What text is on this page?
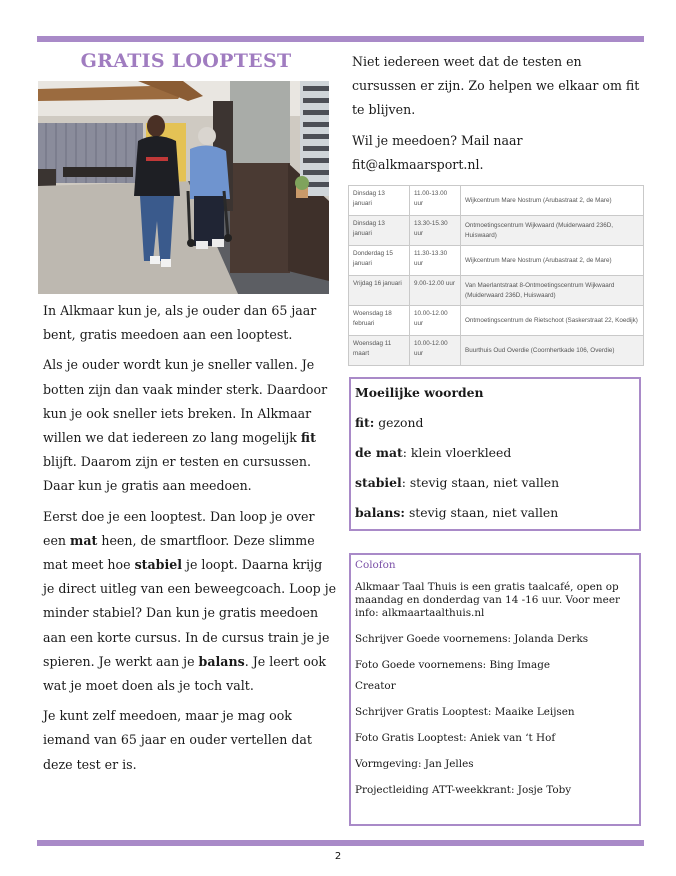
GRATIS LOOPTEST

In Alkmaar kun je, als je ouder dan 65 jaar bent, gratis meedoen aan een looptest.

Als je ouder wordt kun je sneller vallen. Je botten zijn dan vaak minder sterk. Daardoor kun je ook sneller iets breken. In Alkmaar willen we dat iedereen zo lang mogelijk fit blijft. Daarom zijn er testen en cursussen. Daar kun je gratis aan meedoen.

Eerst doe je een looptest. Dan loop je over een mat heen, de smartfloor. Deze slimme mat meet hoe stabiel je loopt. Daarna krijg je direct uitleg van een beweegcoach. Loop je minder stabiel? Dan kun je gratis meedoen aan een korte cursus. In de cursus train je je spieren. Je werkt aan je balans. Je leert ook wat je moet doen als je toch valt.

Je kunt zelf meedoen, maar je mag ook iemand van 65 jaar en ouder vertellen dat deze test er is.

Niet iedereen weet dat de testen en cursussen er zijn. Zo helpen we elkaar om fit te blijven.

Wil je meedoen? Mail naar fit@alkmaarsport.nl.

Dinsdag 13 januari	11.00-13.00 uur	Wijkcentrum Mare Nostrum (Arubastraat 2, de Mare)
Dinsdag 13 januari	13.30-15.30 uur	Ontmoetingscentrum Wijkwaard (Muiderwaard 236D, Huiswaard)
Donderdag 15 januari	11.30-13.30 uur	Wijkcentrum Mare Nostrum (Arubastraat 2, de Mare)
Vrijdag 16 januari	9.00-12.00 uur	Van Maerlantstraat 8-Ontmoetingscentrum Wijkwaard (Muiderwaard 236D, Huiswaard)
Woensdag 18 februari	10.00-12.00 uur	Ontmoetingscentrum de Rietschoot (Saskerstraat 22, Koedijk)
Woensdag 11 maart	10.00-12.00 uur	Buurthuis Oud Overdie (Coornhertkade 106, Overdie)

Moeilijke woorden

fit: gezond

de mat: klein vloerkleed

stabiel: stevig staan, niet vallen

balans: stevig staan, niet vallen

Colofon

Alkmaar Taal Thuis is een gratis taalcafé, open op maandag en donderdag van 14 -16 uur. Voor meer info: alkmaartaalthuis.nl

Schrijver Goede voornemens: Jolanda Derks

Foto Goede voornemens: Bing Image

Creator

Schrijver Gratis Looptest: Maaike Leijsen

Foto Gratis Looptest: Aniek van ‘t Hof

Vormgeving: Jan Jelles

Projectleiding ATT-weekkrant: Josje Toby

2
